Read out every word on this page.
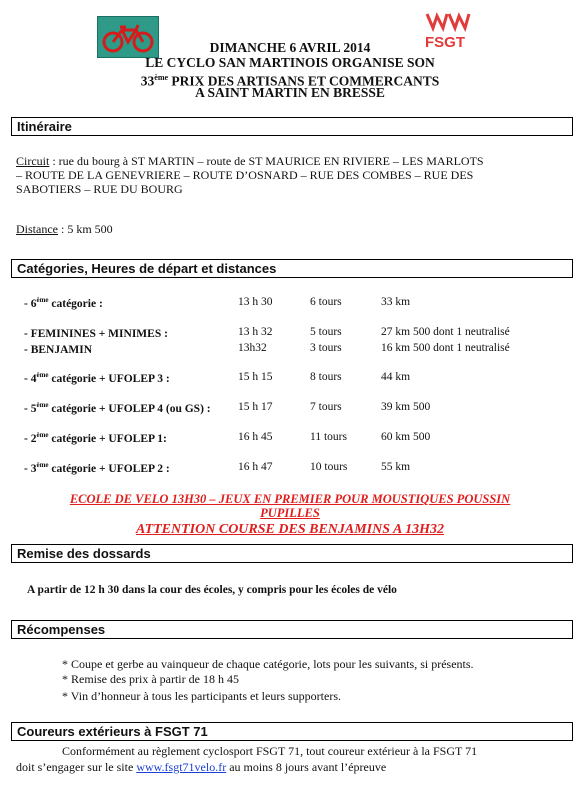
FSGT
DIMANCHE 6 AVRIL 2014
LE CYCLO SAN MARTINOIS ORGANISE SON
33ème PRIX DES ARTISANS ET COMMERCANTS
A SAINT MARTIN EN BRESSE
Itinéraire
Circuit : rue du bourg à ST MARTIN – route de ST MAURICE EN RIVIERE – LES MARLOTS
– ROUTE DE LA GENEVRIERE – ROUTE D’OSNARD – RUE DES COMBES – RUE DES
SABOTIERS – RUE DU BOURG
Distance : 5 km 500
Catégories, Heures de départ et distances
- 6ème catégorie :	13 h 30	6 tours	33 km
- FEMININES + MINIMES :	13 h 32	5 tours	27 km 500 dont 1 neutralisé
- BENJAMIN	13h32	3 tours	16 km 500 dont 1 neutralisé
- 4ème catégorie + UFOLEP 3 :	15 h 15	8 tours	44 km
- 5ème catégorie + UFOLEP 4 (ou GS) : 15 h 17	7 tours	39 km 500
- 2ème catégorie + UFOLEP 1:	16 h 45	11 tours	60 km 500
- 3ème catégorie + UFOLEP 2 :	16 h 47	10 tours	55 km
ECOLE DE VELO 13H30 – JEUX EN PREMIER POUR MOUSTIQUES POUSSIN
PUPILLES
ATTENTION COURSE DES BENJAMINS A 13H32
Remise des dossards
A partir de 12 h 30 dans la cour des écoles, y compris pour les écoles de vélo
Récompenses
* Coupe et gerbe au vainqueur de chaque catégorie, lots pour les suivants, si présents.
* Remise des prix à partir de 18 h 45
* Vin d’honneur à tous les participants et leurs supporters.
Coureurs extérieurs à FSGT 71
Conformément au règlement cyclosport FSGT 71, tout coureur extérieur à la FSGT 71
doit s’engager sur le site www.fsgt71velo.fr au moins 8 jours avant l’épreuve
